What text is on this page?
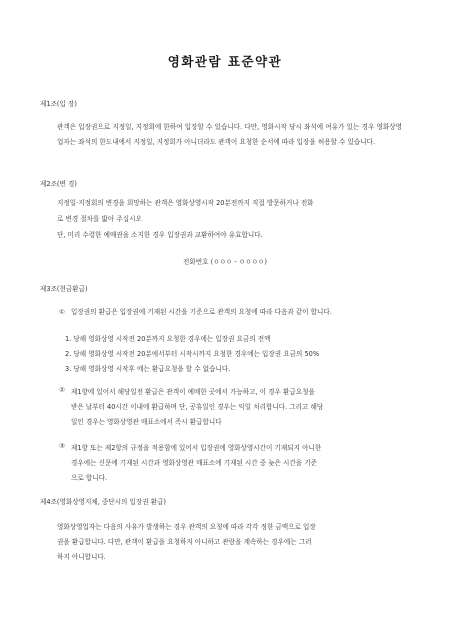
영화관람 표준약관
제1조(입 장)
관객은 입장권으로 지정일, 지정회에 한하여 입장할 수 있습니다. 다만, 영화시작 당시 좌석에 여유가 있는 경우 영화상영업자는 좌석의 한도내에서 지정일, 지정회가 아니더라도 관객이 요청한 순서에 따라 입장을 허용할 수 있습니다.
제2조(변 경)
지정일·지정회의 변경을 희망하는 관객은 영화상영시작 20분전까지 직접 방문하거나 전화
로 변경 절차를 밟아 주십시오
단, 미리 수령한 예매권을 소지한 경우 입장권과 교환하여야 유효합니다.
전화번호 (ㅇㅇㅇ - ㅇㅇㅇㅇ)
제3조(현금환급)
① 입장권의 환급은 입장권에 기재된 시간을 기준으로 관객의 요청에 따라 다음과 같이 합니다.
1. 당해 영화상영 시작전 20분까지 요청한 경우에는 입장권 요금의 전액
2. 당해 영화상영 시작전 20분에서부터 시작시까지 요청한 경우에는 입장권 요금의 50%
3. 당해 영화상영 시작후 에는 환급요청을 할 수 없습니다.
② 제1항에 있어서 해당일전 환급은 관객이 예매한 곳에서 가능하고, 이 경우 환급요청을
받은 날부터 40시간 이내에 환급하며 단, 공휴일인 경우는 익일 처리합니다. 그리고 해당
일인 경우는 영화상영관 매표소에서 즉시 환급합니다
③ 제1항 또는 제2항의 규정을 적용함에 있어서 입장권에 영화상영시간이 기재되지 아니한
경우에는 신문에 기재된 시간과 영화상영관 매표소에 기재된 시간 중 늦은 시간을 기준
으로 합니다.
제4조(영화상영지체, 중단시의 입장권 환급)
영화상영업자는 다음의 사유가 발생하는 경우 관객의 요청에 따라 각각 정한 금액으로 입장
권을 환급합니다. 다만, 관객이 환급을 요청하지 아니하고 관람을 계속하는 경우에는 그러
하지 아니합니다.
